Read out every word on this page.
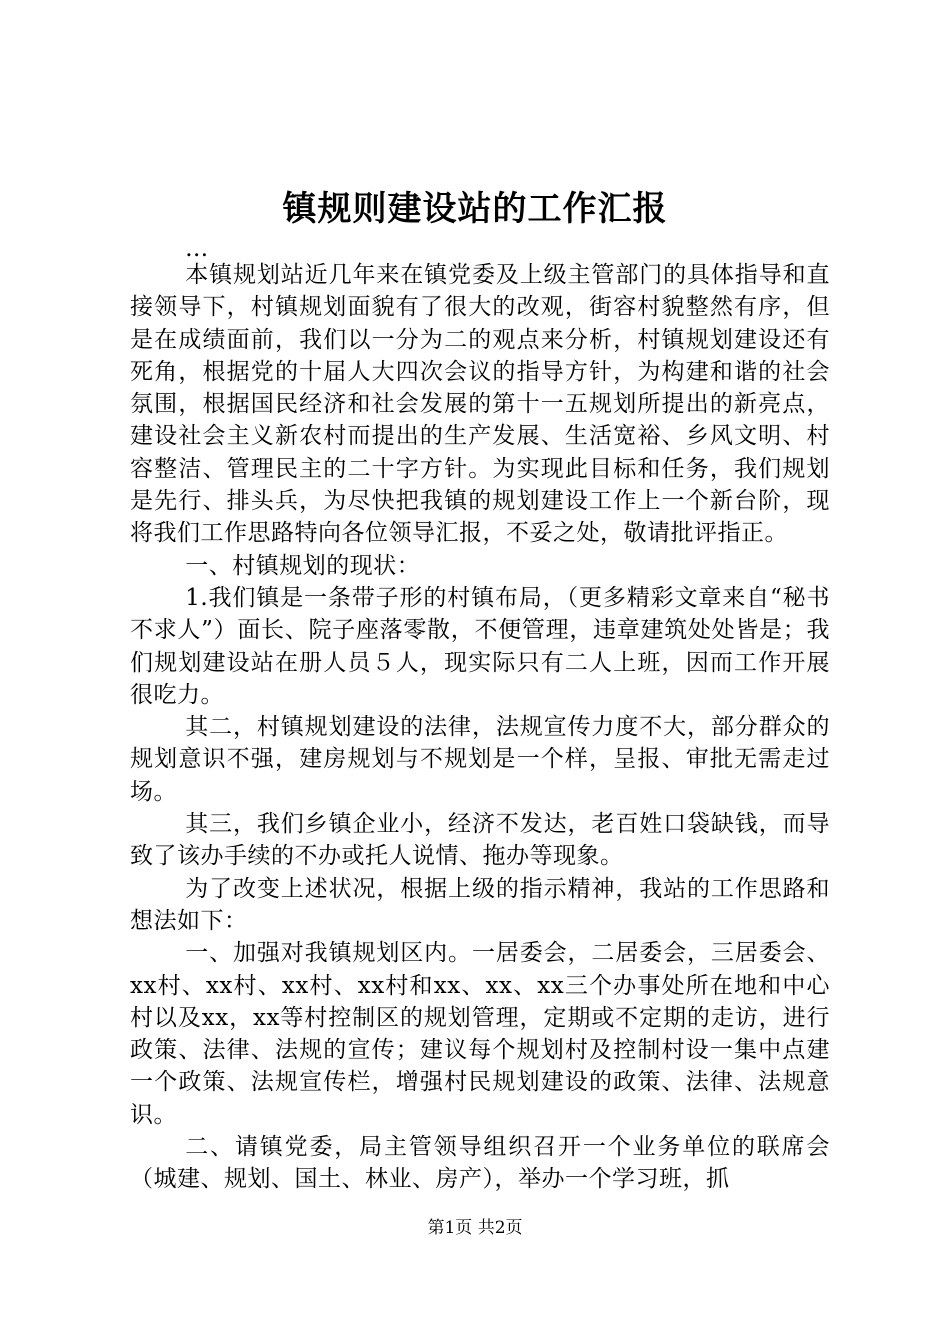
镇规则建设站的工作汇报

...

本镇规划站近几年来在镇党委及上级主管部门的具体指导和直接领导下，村镇规划面貌有了很大的改观，街容村貌整然有序，但是在成绩面前，我们以一分为二的观点来分析，村镇规划建设还有死角，根据党的十届人大四次会议的指导方针，为构建和谐的社会氛围，根据国民经济和社会发展的第十一五规划所提出的新亮点，建设社会主义新农村而提出的生产发展、生活宽裕、乡风文明、村容整洁、管理民主的二十字方针。为实现此目标和任务，我们规划是先行、排头兵，为尽快把我镇的规划建设工作上一个新台阶，现将我们工作思路特向各位领导汇报，不妥之处，敬请批评指正。

一、村镇规划的现状：

1.我们镇是一条带子形的村镇布局，（更多精彩文章来自“秘书不求人”）面长、院子座落零散，不便管理，违章建筑处处皆是；我们规划建设站在册人员５人，现实际只有二人上班，因而工作开展很吃力。

其二，村镇规划建设的法律，法规宣传力度不大，部分群众的规划意识不强，建房规划与不规划是一个样，呈报、审批无需走过场。

其三，我们乡镇企业小，经济不发达，老百姓口袋缺钱，而导致了该办手续的不办或托人说情、拖办等现象。

为了改变上述状况，根据上级的指示精神，我站的工作思路和想法如下：

一、加强对我镇规划区内。一居委会，二居委会，三居委会、xx村、xx村、xx村、xx村和xx、xx、xx三个办事处所在地和中心村以及xx，xx等村控制区的规划管理，定期或不定期的走访，进行政策、法律、法规的宣传；建议每个规划村及控制村设一集中点建一个政策、法规宣传栏，增强村民规划建设的政策、法律、法规意识。

二、请镇党委，局主管领导组织召开一个业务单位的联席会（城建、规划、国土、林业、房产），举办一个学习班，抓

第1页 共2页
